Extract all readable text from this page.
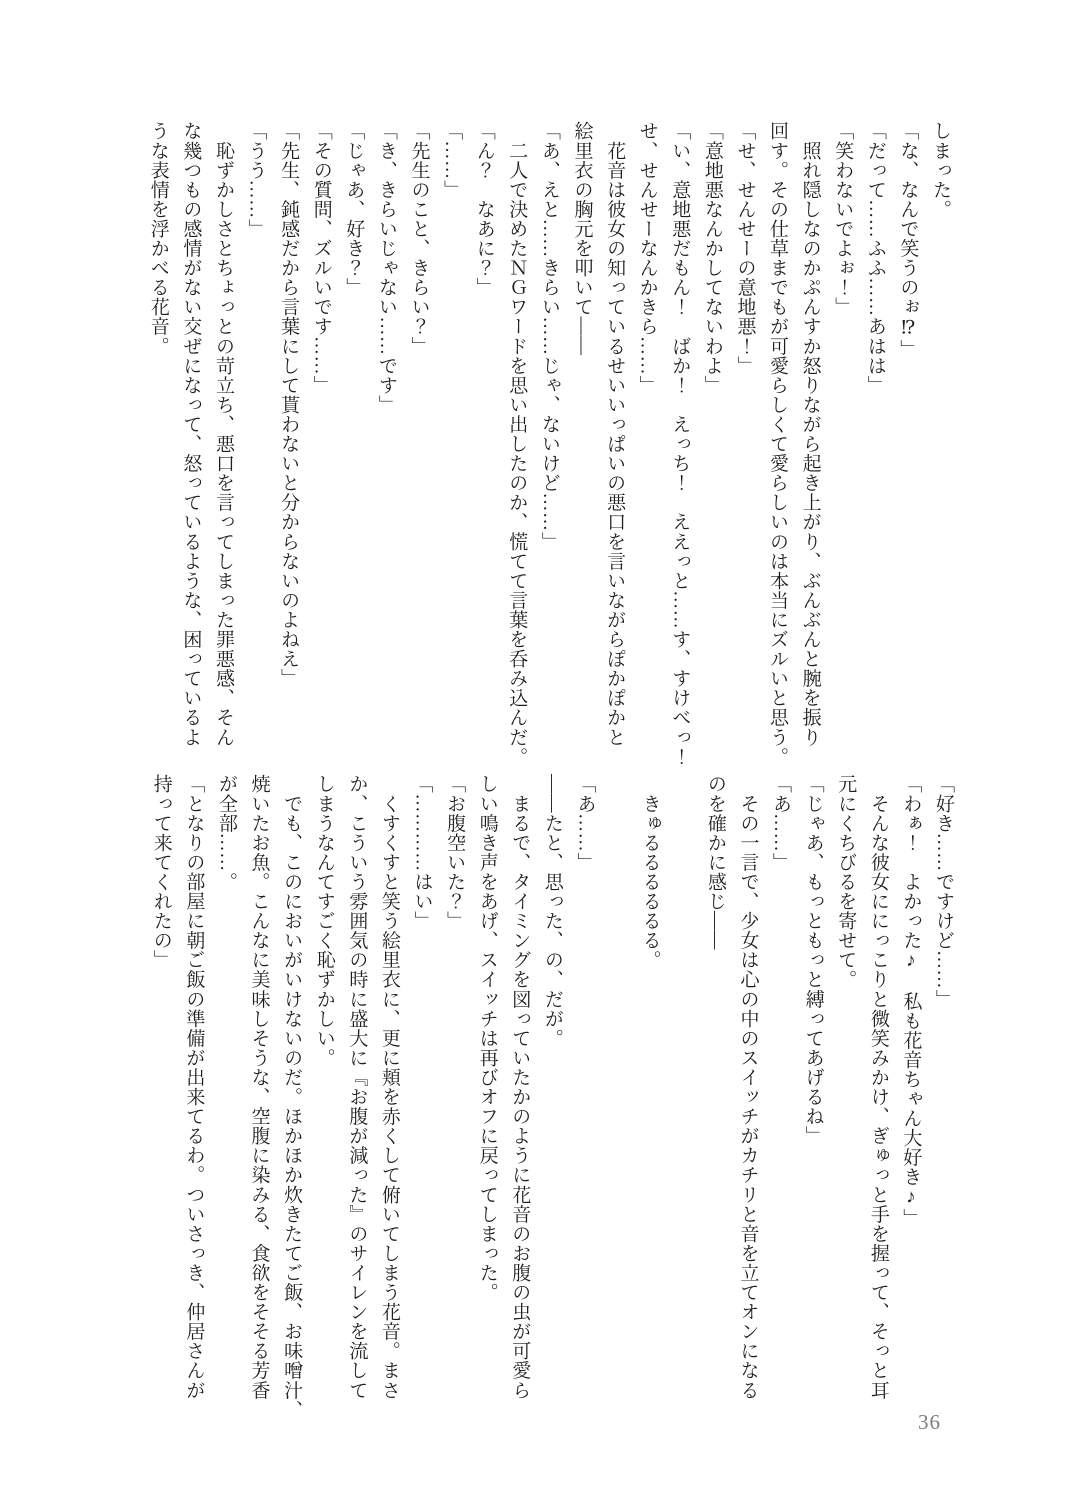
しまった。
「な、なんで笑うのぉ⁉」
「だって……ふふ……あはは」
「笑わないでよぉ！」
　照れ隠しなのかぷんすか怒りながら起き上がり、ぶんぶんと腕を振り
回す。その仕草までもが可愛らしくて愛らしいのは本当にズルいと思う。
「せ、せんせーの意地悪！」
「意地悪なんかしてないわよ」
「い、意地悪だもん！　ばか！　えっち！　ええっと……す、すけべっ！
せ、せんせーなんかきら……」
　花音は彼女の知っているせいいっぱいの悪口を言いながらぽかぽかと
絵里衣の胸元を叩いて――
「あ、えと……きらい……じゃ、ないけど……」
　二人で決めたＮＧワードを思い出したのか、慌てて言葉を呑み込んだ。
「ん？　なあに？」
「……」
「先生のこと、きらい？」
「き、きらいじゃない……です」
「じゃあ、好き？」
「その質問、ズルいです……」
「先生、鈍感だから言葉にして貰わないと分からないのよねえ」
「うう……」
　恥ずかしさとちょっとの苛立ち、悪口を言ってしまった罪悪感、そん
な幾つもの感情がない交ぜになって、怒っているような、困っているよ
うな表情を浮かべる花音。
「好き……ですけど……」
「わぁ！　よかった♪　私も花音ちゃん大好き♪」
　そんな彼女ににっこりと微笑みかけ、ぎゅっと手を握って、そっと耳
元にくちびるを寄せて。
「じゃあ、もっともっと縛ってあげるね」
「あ……」
　その一言で、少女は心の中のスイッチがカチリと音を立てオンになる
のを確かに感じ――
　きゅるるるるるる。
「あ……」
――たと、思った、の、だが。
　まるで、タイミングを図っていたかのように花音のお腹の虫が可愛ら
しい鳴き声をあげ、スイッチは再びオフに戻ってしまった。
「お腹空いた？」
「…………はい」
　くすくすと笑う絵里衣に、更に頬を赤くして俯いてしまう花音。まさ
か、こういう雰囲気の時に盛大に『お腹が減った』のサイレンを流して
しまうなんてすごく恥ずかしい。
　でも、このにおいがいけないのだ。ほかほか炊きたてご飯、お味噌汁、
焼いたお魚。こんなに美味しそうな、空腹に染みる、食欲をそそる芳香
が全部……。
「となりの部屋に朝ご飯の準備が出来てるわ。ついさっき、仲居さんが
持って来てくれたの」
36
